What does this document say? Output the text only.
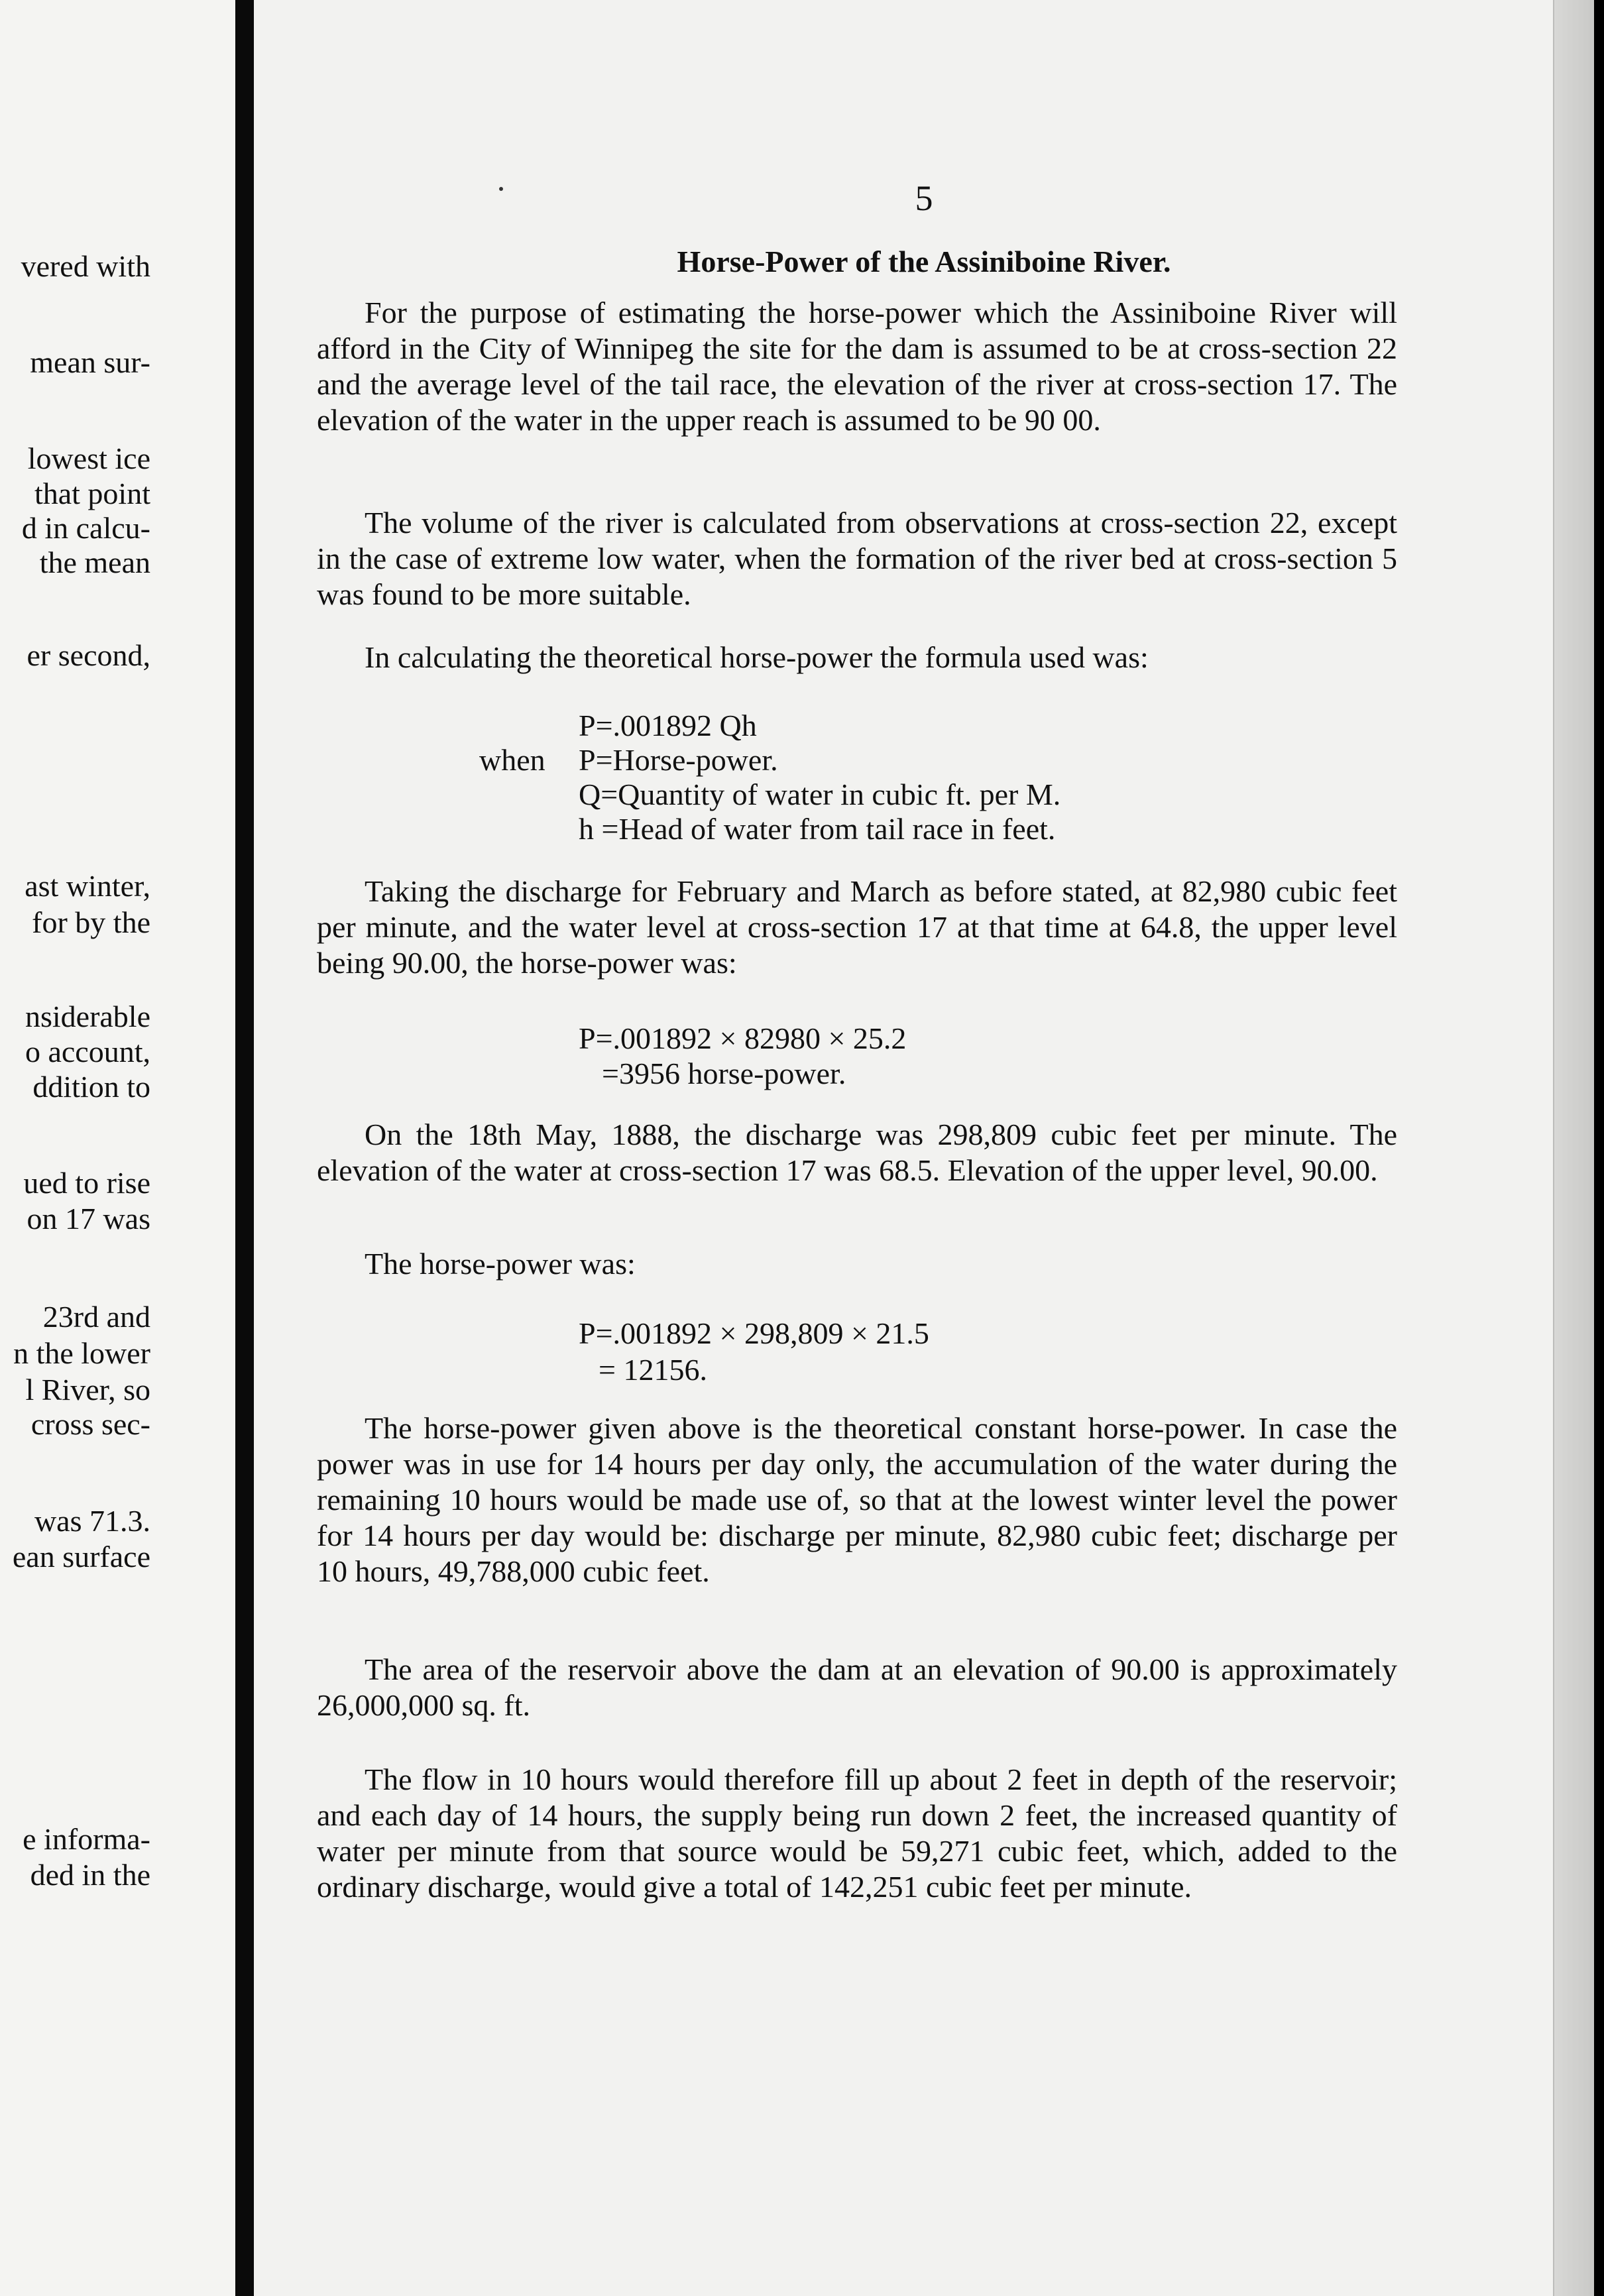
vered with
mean sur-
lowest ice
that point
d in calcu-
the mean
er second,
ast winter,
for by the
nsiderable
o account,
ddition to
ued to rise
on 17 was
23rd and
n the lower
l River, so
cross sec-
was 71.3.
ean surface
e informa-
ded in the
5
Horse-Power of the Assiniboine River.

For the purpose of estimating the horse-power which the Assiniboine River will afford in the City of Winnipeg the site for the dam is assumed to be at cross-section 22 and the average level of the tail race, the elevation of the river at cross-section 17. The elevation of the water in the upper reach is assumed to be 90 00.

The volume of the river is calculated from observations at cross-section 22, except in the case of extreme low water, when the formation of the river bed at cross-section 5 was found to be more suitable.

In calculating the theoretical horse-power the formula used was:

P=.001892 Qh
when P=Horse-power.
Q=Quantity of water in cubic ft. per M.
h =Head of water from tail race in feet.

Taking the discharge for February and March as before stated, at 82,980 cubic feet per minute, and the water level at cross-section 17 at that time at 64.8, the upper level being 90.00, the horse-power was:

P=.001892 × 82980 × 25.2
=3956 horse-power.

On the 18th May, 1888, the discharge was 298,809 cubic feet per minute. The elevation of the water at cross-section 17 was 68.5. Elevation of the upper level, 90.00.

The horse-power was:

P=.001892 × 298,809 × 21.5
= 12156.

The horse-power given above is the theoretical constant horse-power. In case the power was in use for 14 hours per day only, the accumulation of the water during the remaining 10 hours would be made use of, so that at the lowest winter level the power for 14 hours per day would be: discharge per minute, 82,980 cubic feet; discharge per 10 hours, 49,788,000 cubic feet.

The area of the reservoir above the dam at an elevation of 90.00 is approximately 26,000,000 sq. ft.

The flow in 10 hours would therefore fill up about 2 feet in depth of the reservoir; and each day of 14 hours, the supply being run down 2 feet, the increased quantity of water per minute from that source would be 59,271 cubic feet, which, added to the ordinary discharge, would give a total of 142,251 cubic feet per minute.
